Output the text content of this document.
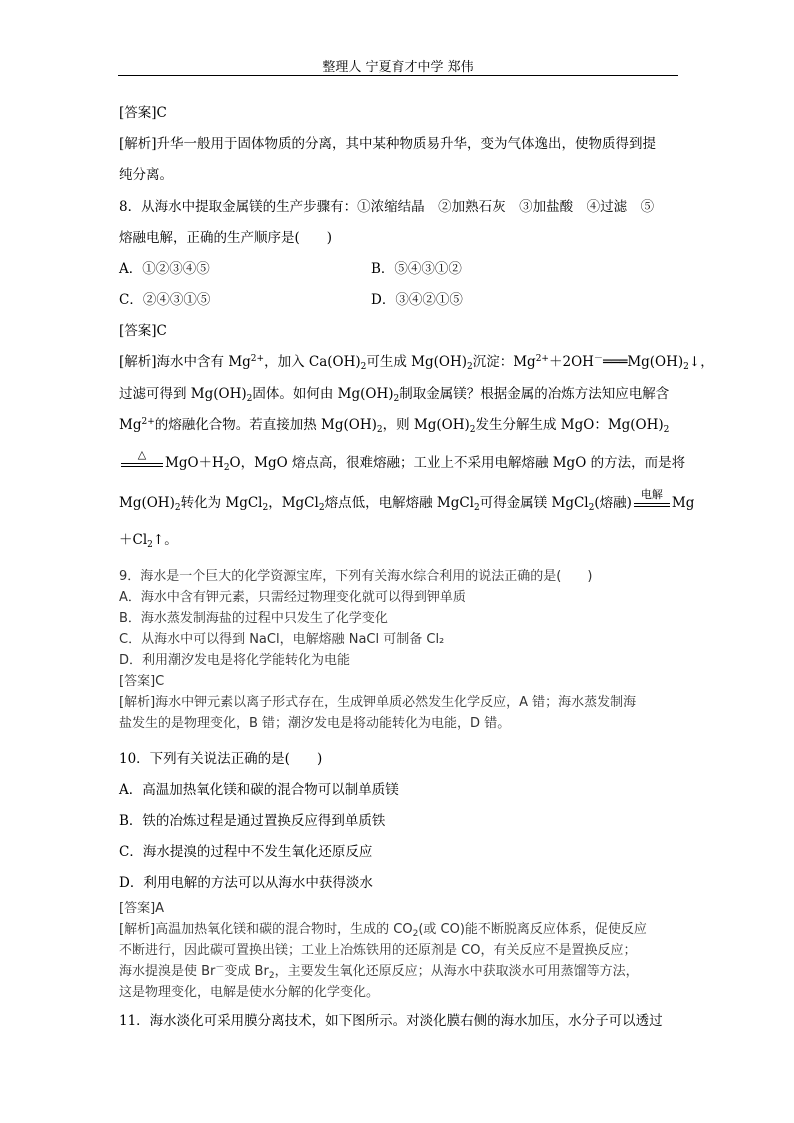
整理人 宁夏育才中学 郑伟
[答案]C
[解析]升华一般用于固体物质的分离，其中某种物质易升华，变为气体逸出，使物质得到提
纯分离。
8．从海水中提取金属镁的生产步骤有：①浓缩结晶　②加熟石灰　③加盐酸　④过滤　⑤
熔融电解，正确的生产顺序是(　　)
A．①②③④⑤	B．⑤④③①②
C．②④③①⑤	D．③④②①⑤
[答案]C
[解析]海水中含有 $Mg^{2+}$，加入 $Ca(OH)_2$可生成 $Mg(OH)_2$沉淀：$Mg^{2+}+2OH^-═══Mg(OH)_2↓$，
过滤可得到 $Mg(OH)_2$固体。如何由 $Mg(OH)_2$制取金属镁？根据金属的冶炼方法知应电解含
$Mg^{2+}$的熔融化合物。若直接加热 $Mg(OH)_2$，则 $Mg(OH)_2$发生分解生成 MgO：$Mg(OH)_2$
△
$MgO+H_2O$，MgO 熔点高，很难熔融；工业上不采用电解熔融 MgO 的方法，而是将
$Mg(OH)_2$转化为 MgCl$_2$，MgCl$_2$熔点低，电解熔融 MgCl$_2$可得金属镁 MgCl$_2$(熔融)
电解
Mg
$+Cl_2↑$。
9．海水是一个巨大的化学资源宝库，下列有关海水综合利用的说法正确的是(　　)
A．海水中含有钾元素，只需经过物理变化就可以得到钾单质
B．海水蒸发制海盐的过程中只发生了化学变化
C．从海水中可以得到 NaCl，电解熔融 NaCl 可制备 Cl₂
D．利用潮汐发电是将化学能转化为电能
[答案]C
[解析]海水中钾元素以离子形式存在，生成钾单质必然发生化学反应，A 错；海水蒸发制海
盐发生的是物理变化，B 错；潮汐发电是将动能转化为电能，D 错。
10．下列有关说法正确的是(　　)
A．高温加热氧化镁和碳的混合物可以制单质镁
B．铁的冶炼过程是通过置换反应得到单质铁
C．海水提溴的过程中不发生氧化还原反应
D．利用电解的方法可以从海水中获得淡水
[答案]A
[解析]高温加热氧化镁和碳的混合物时，生成的 $CO_2$(或 CO)能不断脱离反应体系，促使反应
不断进行，因此碳可置换出镁；工业上冶炼铁用的还原剂是 CO，有关反应不是置换反应；
海水提溴是使 Br－变成 $Br_2$，主要发生氧化还原反应；从海水中获取淡水可用蒸馏等方法，
这是物理变化，电解是使水分解的化学变化。
11．海水淡化可采用膜分离技术，如下图所示。对淡化膜右侧的海水加压，水分子可以透过
